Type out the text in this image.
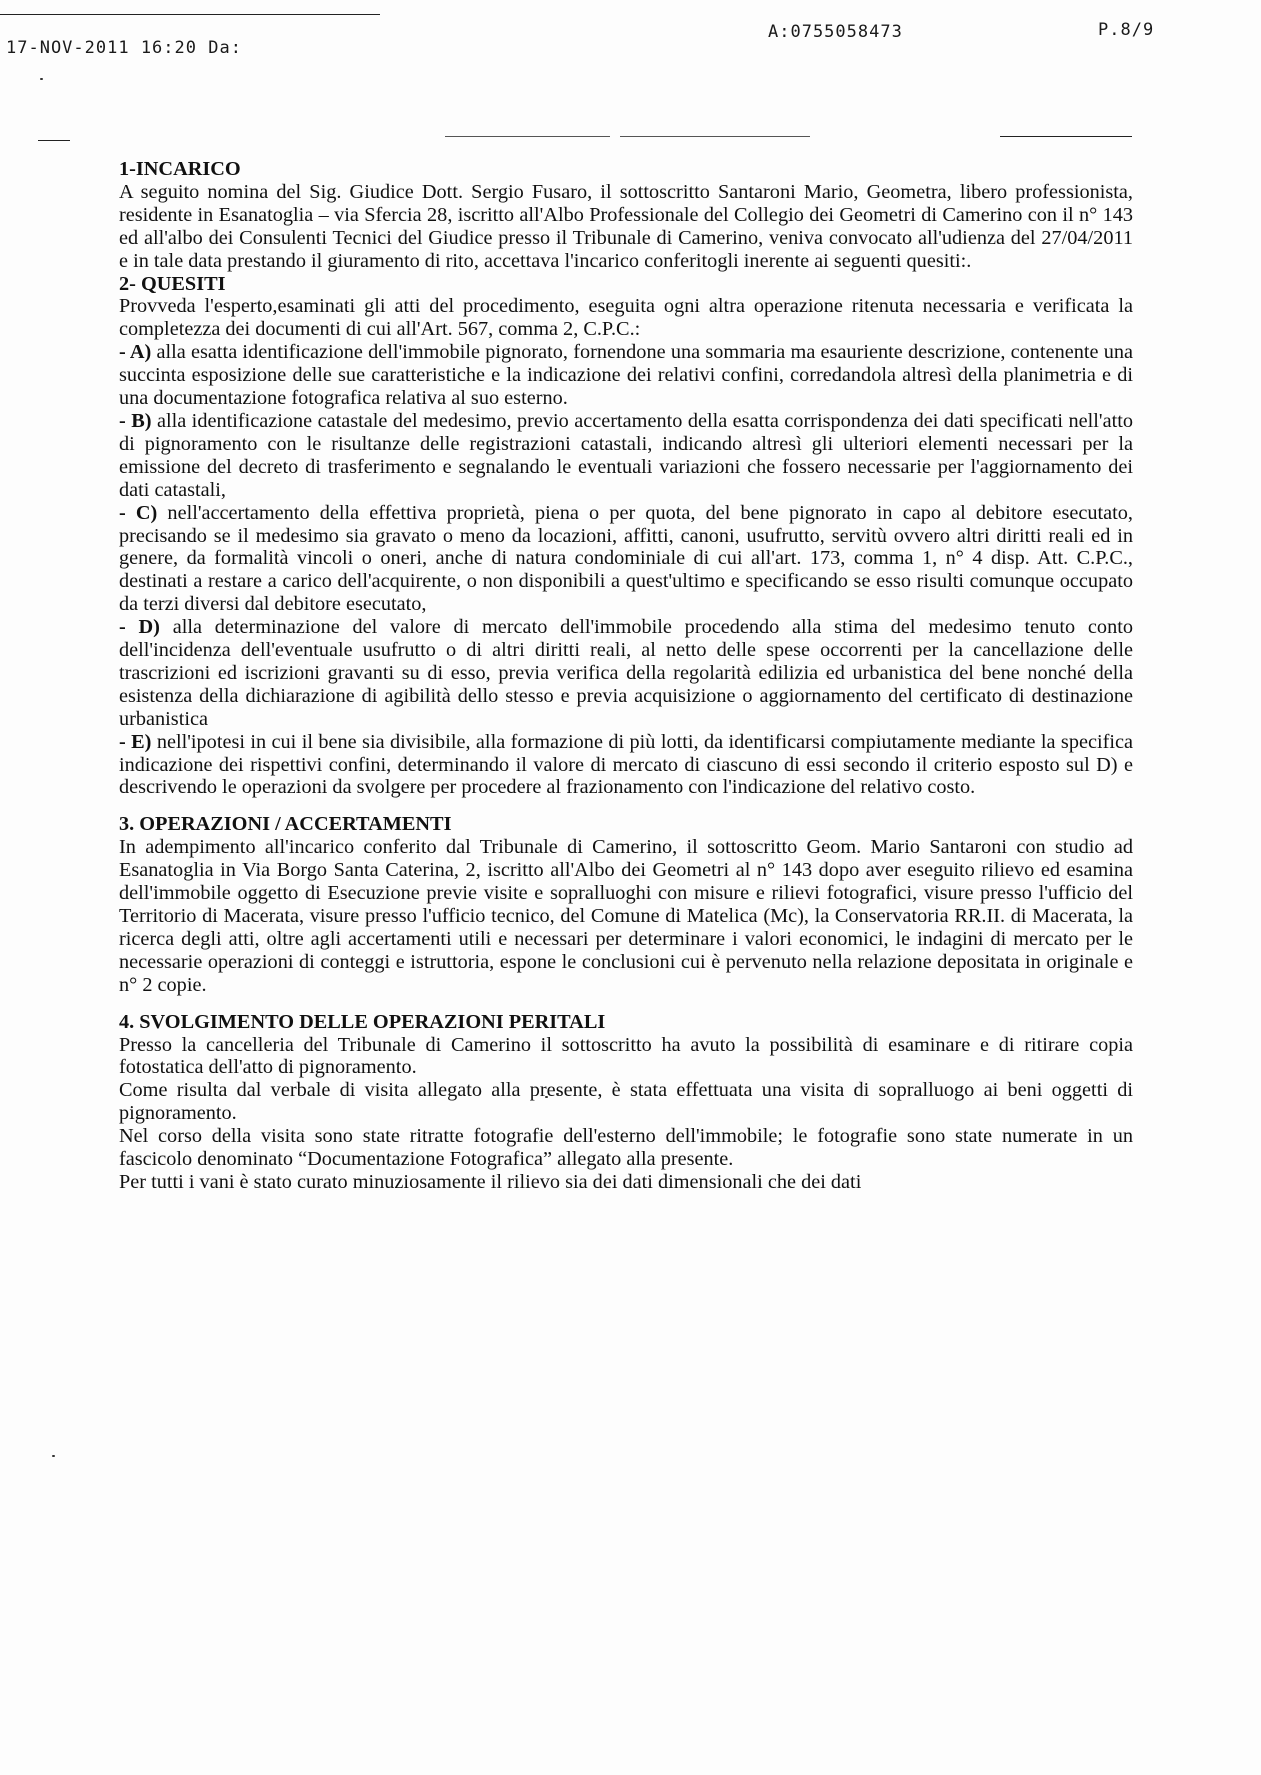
17-NOV-2011 16:20 Da:
A:0755058473	P.8/9

1-INCARICO

A seguito nomina del Sig. Giudice Dott. Sergio Fusaro, il sottoscritto Santaroni Mario, Geometra, libero professionista, residente in Esanatoglia – via Sfercia 28, iscritto all'Albo Professionale del Collegio dei Geometri di Camerino con il n° 143 ed all'albo dei Consulenti Tecnici del Giudice presso il Tribunale di Camerino, veniva convocato all'udienza del 27/04/2011 e in tale data prestando il giuramento di rito, accettava l'incarico conferitogli inerente ai seguenti quesiti:.

2- QUESITI

Provveda l'esperto,esaminati gli atti del procedimento, eseguita ogni altra operazione ritenuta necessaria e verificata la completezza dei documenti di cui all'Art. 567, comma 2, C.P.C.:

- A) alla esatta identificazione dell'immobile pignorato, fornendone una sommaria ma esauriente descrizione, contenente una succinta esposizione delle sue caratteristiche e la indicazione dei relativi confini, corredandola altresì della planimetria e di una documentazione fotografica relativa al suo esterno.

- B) alla identificazione catastale del medesimo, previo accertamento della esatta corrispondenza dei dati specificati nell'atto di pignoramento con le risultanze delle registrazioni catastali, indicando altresì gli ulteriori elementi necessari per la emissione del decreto di trasferimento e segnalando le eventuali variazioni che fossero necessarie per l'aggiornamento dei dati catastali,

- C) nell'accertamento della effettiva proprietà, piena o per quota, del bene pignorato in capo al debitore esecutato, precisando se il medesimo sia gravato o meno da locazioni, affitti, canoni, usufrutto, servitù ovvero altri diritti reali ed in genere, da formalità vincoli o oneri, anche di natura condominiale di cui all'art. 173, comma 1, n° 4 disp. Att. C.P.C., destinati a restare a carico dell'acquirente, o non disponibili a quest'ultimo e specificando se esso risulti comunque occupato da terzi diversi dal debitore esecutato,

- D) alla determinazione del valore di mercato dell'immobile procedendo alla stima del medesimo tenuto conto dell'incidenza dell'eventuale usufrutto o di altri diritti reali, al netto delle spese occorrenti per la cancellazione delle trascrizioni ed iscrizioni gravanti su di esso, previa verifica della regolarità edilizia ed urbanistica del bene nonché della esistenza della dichiarazione di agibilità dello stesso e previa acquisizione o aggiornamento del certificato di destinazione urbanistica

- E) nell'ipotesi in cui il bene sia divisibile, alla formazione di più lotti, da identificarsi compiutamente mediante la specifica indicazione dei rispettivi confini, determinando il valore di mercato di ciascuno di essi secondo il criterio esposto sul D) e descrivendo le operazioni da svolgere per procedere al frazionamento con l'indicazione del relativo costo.

3. OPERAZIONI / ACCERTAMENTI

In adempimento all'incarico conferito dal Tribunale di Camerino, il sottoscritto Geom. Mario Santaroni con studio ad Esanatoglia in Via Borgo Santa Caterina, 2, iscritto all'Albo dei Geometri al n° 143 dopo aver eseguito rilievo ed esamina dell'immobile oggetto di Esecuzione previe visite e sopralluoghi con misure e rilievi fotografici, visure presso l'ufficio del Territorio di Macerata, visure presso l'ufficio tecnico, del Comune di Matelica (Mc), la Conservatoria RR.II. di Macerata, la ricerca degli atti, oltre agli accertamenti utili e necessari per determinare i valori economici, le indagini di mercato per le necessarie operazioni di conteggi e istruttoria, espone le conclusioni cui è pervenuto nella relazione depositata in originale e n° 2 copie.

4. SVOLGIMENTO DELLE OPERAZIONI PERITALI

Presso la cancelleria del Tribunale di Camerino il sottoscritto ha avuto la possibilità di esaminare e di ritirare copia fotostatica dell'atto di pignoramento.

Come risulta dal verbale di visita allegato alla presente, è stata effettuata una visita di sopralluogo ai beni oggetti di pignoramento.

Nel corso della visita sono state ritratte fotografie dell'esterno dell'immobile; le fotografie sono state numerate in un fascicolo denominato “Documentazione Fotografica” allegato alla presente.

Per tutti i vani è stato curato minuziosamente il rilievo sia dei dati dimensionali che dei dati
